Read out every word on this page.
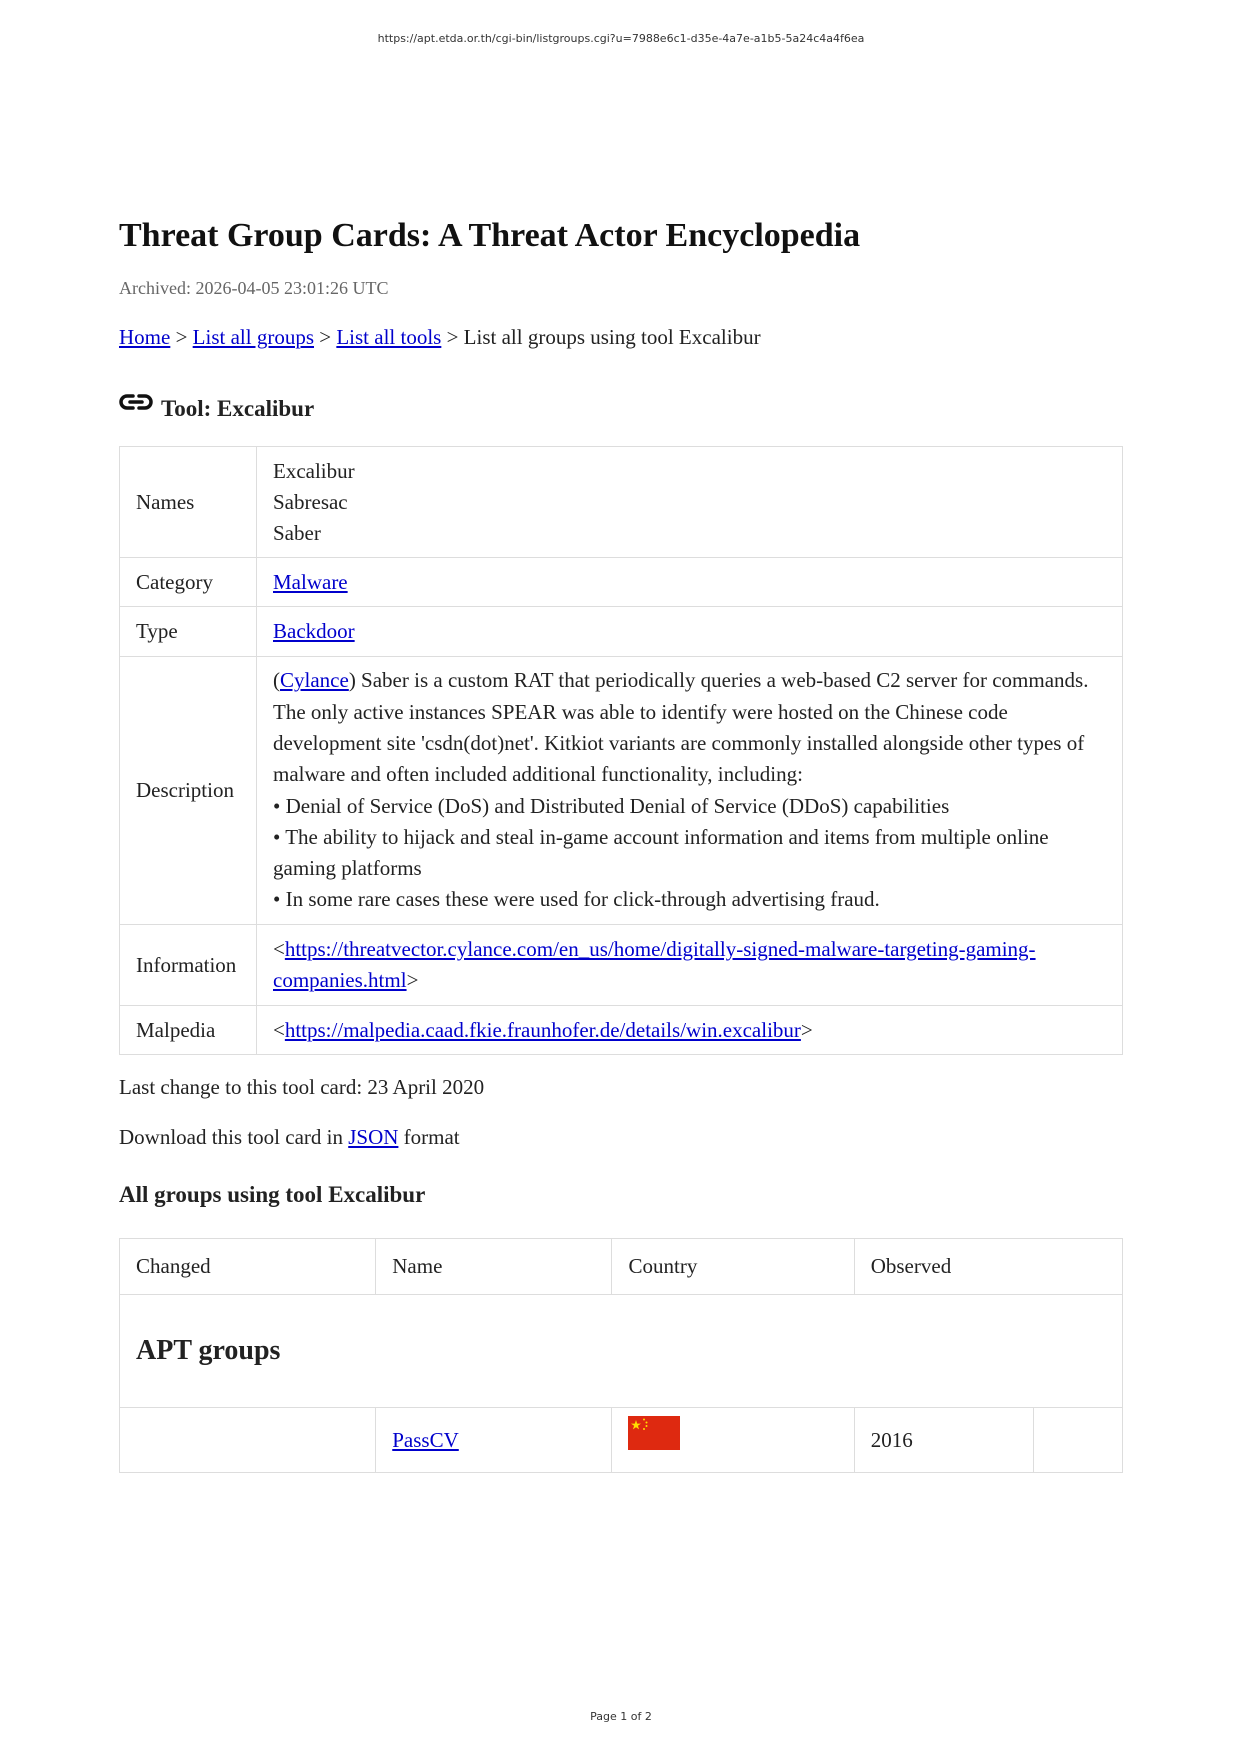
https://apt.etda.or.th/cgi-bin/listgroups.cgi?u=7988e6c1-d35e-4a7e-a1b5-5a24c4a4f6ea
Threat Group Cards: A Threat Actor Encyclopedia
Archived: 2026-04-05 23:01:26 UTC
Home > List all groups > List all tools > List all groups using tool Excalibur
Tool: Excalibur
Names	Excalibur
Sabresac
Saber

Category	Malware
Type	Backdoor
Description	(Cylance) Saber is a custom RAT that periodically queries a web-based C2 server for commands. The only active instances SPEAR was able to identify were hosted on the Chinese code development site 'csdn(dot)net'. Kitkiot variants are commonly installed alongside other types of malware and often included additional functionality, including:
• Denial of Service (DoS) and Distributed Denial of Service (DDoS) capabilities
• The ability to hijack and steal in-game account information and items from multiple online gaming platforms
• In some rare cases these were used for click-through advertising fraud.

Information	<https://threatvector.cylance.com/en_us/home/digitally-signed-malware-targeting-gaming-companies.html>
Malpedia	<https://malpedia.caad.fkie.fraunhofer.de/details/win.excalibur>
Last change to this tool card: 23 April 2020
Download this tool card in JSON format
All groups using tool Excalibur
Changed	Name	Country	Observed	
APT groups				
	PassCV		2016	
Page 1 of 2
